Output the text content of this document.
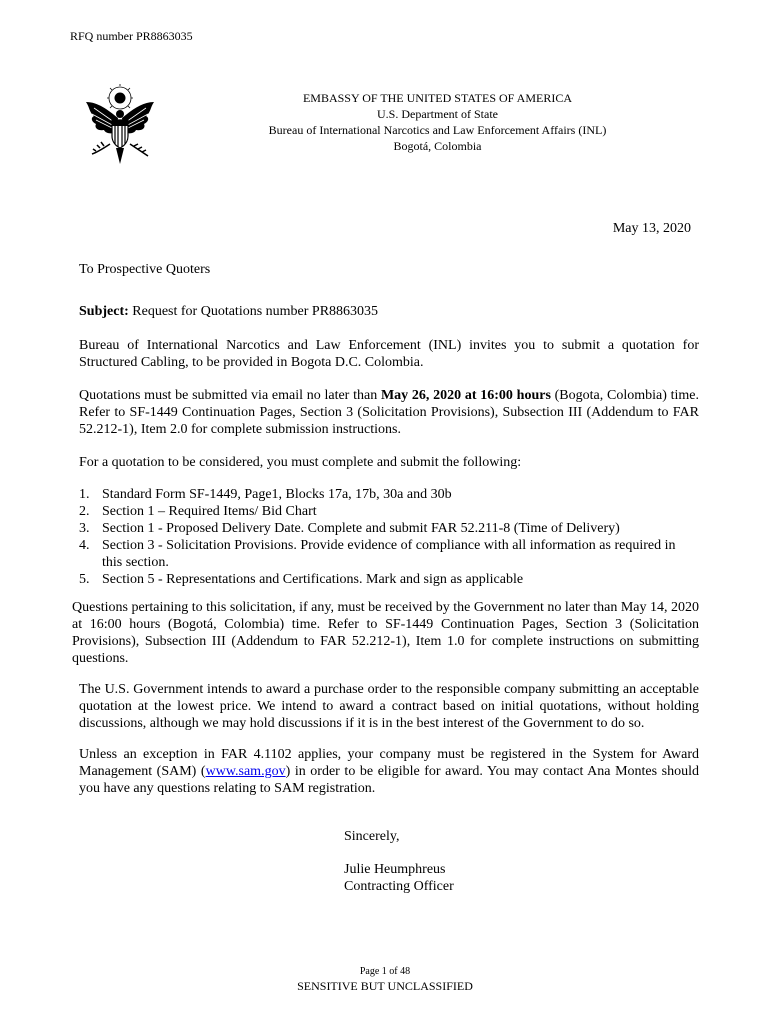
RFQ number PR8863035
EMBASSY OF THE UNITED STATES OF AMERICA
U.S. Department of State
Bureau of International Narcotics and Law Enforcement Affairs (INL)
Bogotá, Colombia
May 13, 2020
To Prospective Quoters
Subject: Request for Quotations number PR8863035
Bureau of International Narcotics and Law Enforcement (INL) invites you to submit a quotation for Structured Cabling, to be provided in Bogota D.C. Colombia.
Quotations must be submitted via email no later than May 26, 2020 at 16:00 hours (Bogota, Colombia) time. Refer to SF-1449 Continuation Pages, Section 3 (Solicitation Provisions), Subsection III (Addendum to FAR 52.212-1), Item 2.0 for complete submission instructions.
For a quotation to be considered, you must complete and submit the following:
1. Standard Form SF-1449, Page1, Blocks 17a, 17b, 30a and 30b
2. Section 1 – Required Items/ Bid Chart
3. Section 1 - Proposed Delivery Date. Complete and submit FAR 52.211-8 (Time of Delivery)
4. Section 3 - Solicitation Provisions. Provide evidence of compliance with all information as required in this section.
5. Section 5 - Representations and Certifications. Mark and sign as applicable
Questions pertaining to this solicitation, if any, must be received by the Government no later than May 14, 2020 at 16:00 hours (Bogotá, Colombia) time. Refer to SF-1449 Continuation Pages, Section 3 (Solicitation Provisions), Subsection III (Addendum to FAR 52.212-1), Item 1.0 for complete instructions on submitting questions.
The U.S. Government intends to award a purchase order to the responsible company submitting an acceptable quotation at the lowest price. We intend to award a contract based on initial quotations, without holding discussions, although we may hold discussions if it is in the best interest of the Government to do so.
Unless an exception in FAR 4.1102 applies, your company must be registered in the System for Award Management (SAM) (www.sam.gov) in order to be eligible for award. You may contact Ana Montes should you have any questions relating to SAM registration.
Sincerely,
Julie Heumphreus
Contracting Officer
Page 1 of 48
SENSITIVE BUT UNCLASSIFIED
